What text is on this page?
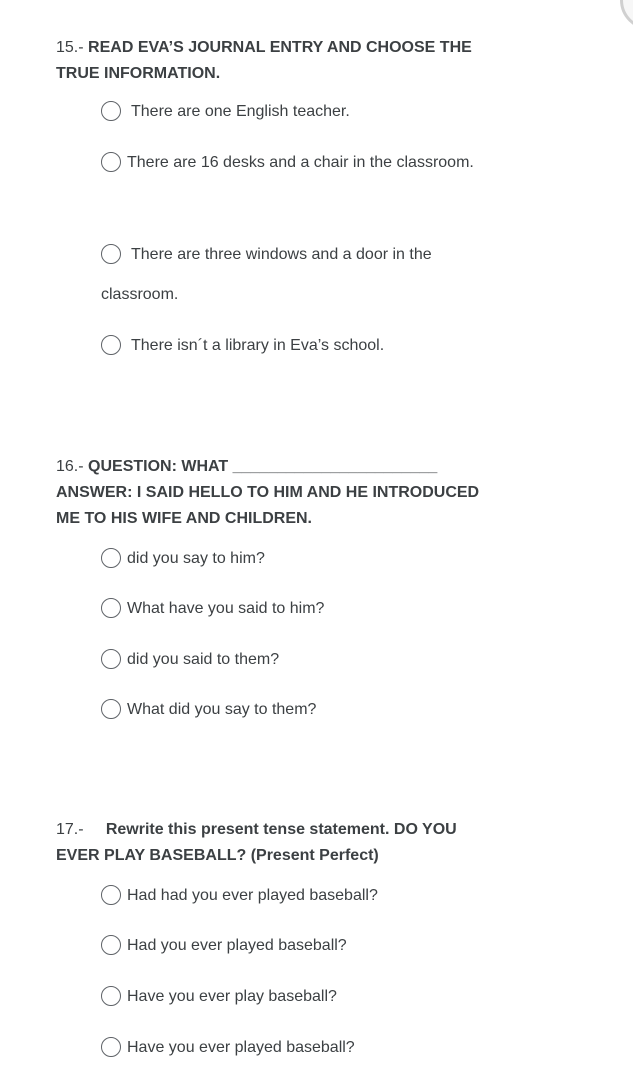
15.- READ EVA’S JOURNAL ENTRY AND CHOOSE THE
TRUE INFORMATION.

There are one English teacher.
There are 16 desks and a chair in the classroom.
There are three windows and a door in the classroom.
There isn´t a library in Eva’s school.

16.- QUESTION: WHAT _______________________
ANSWER: I SAID HELLO TO HIM AND HE INTRODUCED
ME TO HIS WIFE AND CHILDREN.

did you say to him?
What have you said to him?
did you said to them?
What did you say to them?

17.- Rewrite this present tense statement. DO YOU
EVER PLAY BASEBALL? (Present Perfect)

Had had you ever played baseball?
Had you ever played baseball?
Have you ever play baseball?
Have you ever played baseball?
